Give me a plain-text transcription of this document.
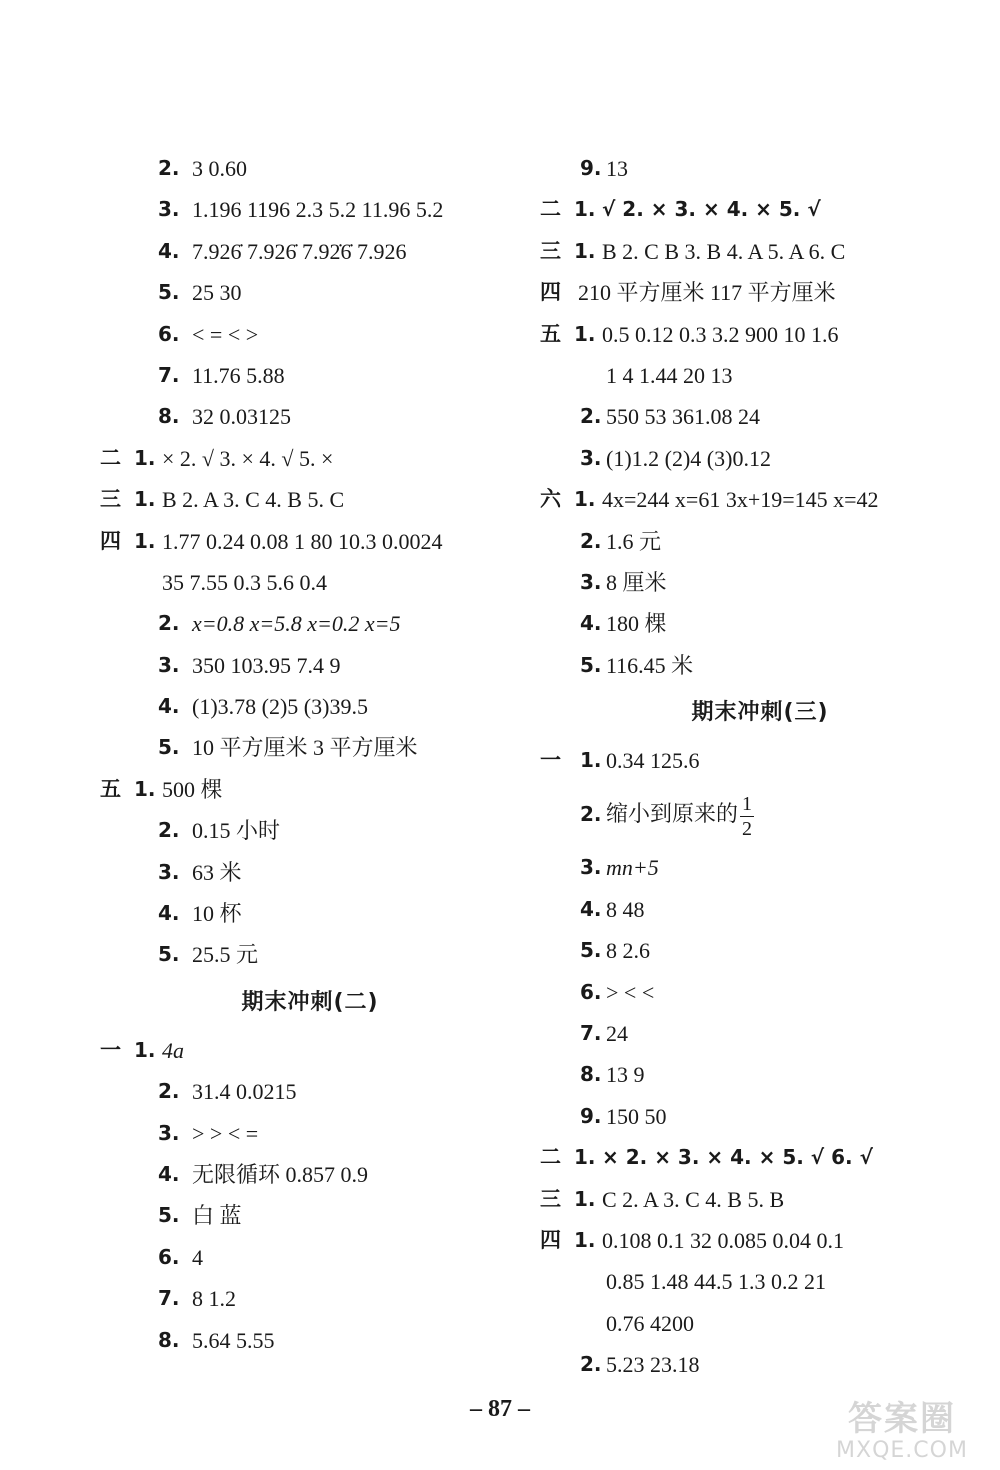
2. 3 0.60
3. 1.196 1196 2.3 5.2 11.96 5.2
4. 7.926̇ 7.926̇ 7.92̇6̇ 7.926
5. 25 30
6. < = < >
7. 11.76 5.88
8. 32 0.03125
二 1. × 2. √ 3. × 4. √ 5. ×
三 1. B 2. A 3. C 4. B 5. C
四 1. 1.77 0.24 0.08 1 80 10.3 0.0024
35 7.55 0.3 5.6 0.4
2. x=0.8 x=5.8 x=0.2 x=5
3. 350 103.95 7.4 9
4. (1)3.78 (2)5 (3)39.5
5. 10 平方厘米 3 平方厘米
五 1. 500 棵
2. 0.15 小时
3. 63 米
4. 10 杯
5. 25.5 元
期末冲刺(二)
一 1. 4a
2. 31.4 0.0215
3. > > < =
4. 无限循环 0.857 0.9
5. 白 蓝
6. 4
7. 8 1.2
8. 5.64 5.55
9. 13
二 1. √ 2. × 3. × 4. × 5. √
三 1. B 2. C B 3. B 4. A 5. A 6. C
四 210 平方厘米 117 平方厘米
五 1. 0.5 0.12 0.3 3.2 900 10 1.6
1 4 1.44 20 13
2. 550 53 361.08 24
3. (1)1.2 (2)4 (3)0.12
六 1. 4x=244 x=61 3x+19=145 x=42
2. 1.6 元
3. 8 厘米
4. 180 棵
5. 116.45 米
期末冲刺(三)
一 1. 0.34 125.6
2. 缩小到原来的 $\frac{1}{2}$
3. mn+5
4. 8 48
5. 8 2.6
6. > < <
7. 24
8. 13 9
9. 150 50
二 1. × 2. × 3. × 4. × 5. √ 6. √
三 1. C 2. A 3. C 4. B 5. B
四 1. 0.108 0.1 32 0.085 0.04 0.1
0.85 1.48 44.5 1.3 0.2 21
0.76 4200
2. 5.23 23.18
– 87 –	答案圈
MXQE.COM
